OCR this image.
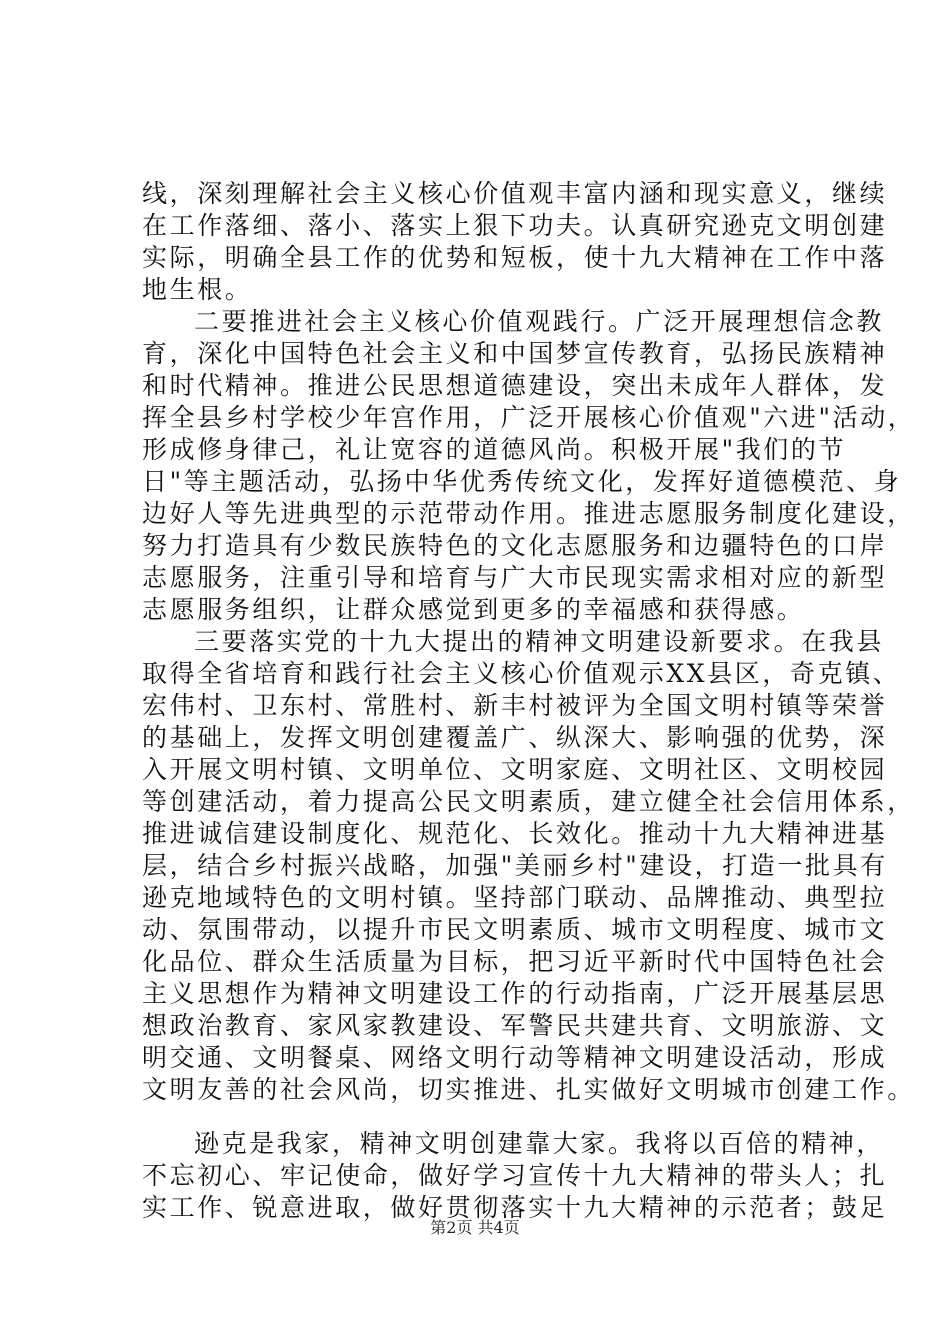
线，深刻理解社会主义核心价值观丰富内涵和现实意义，继续
在工作落细、落小、落实上狠下功夫。认真研究逊克文明创建
实际，明确全县工作的优势和短板，使十九大精神在工作中落
地生根。
二要推进社会主义核心价值观践行。广泛开展理想信念教
育，深化中国特色社会主义和中国梦宣传教育，弘扬民族精神
和时代精神。推进公民思想道德建设，突出未成年人群体，发
挥全县乡村学校少年宫作用，广泛开展核心价值观"六进"活动，
形成修身律己，礼让宽容的道德风尚。积极开展"我们的节
日"等主题活动，弘扬中华优秀传统文化，发挥好道德模范、身
边好人等先进典型的示范带动作用。推进志愿服务制度化建设，
努力打造具有少数民族特色的文化志愿服务和边疆特色的口岸
志愿服务，注重引导和培育与广大市民现实需求相对应的新型
志愿服务组织，让群众感觉到更多的幸福感和获得感。
三要落实党的十九大提出的精神文明建设新要求。在我县
取得全省培育和践行社会主义核心价值观示XX县区，奇克镇、
宏伟村、卫东村、常胜村、新丰村被评为全国文明村镇等荣誉
的基础上，发挥文明创建覆盖广、纵深大、影响强的优势，深
入开展文明村镇、文明单位、文明家庭、文明社区、文明校园
等创建活动，着力提高公民文明素质，建立健全社会信用体系，
推进诚信建设制度化、规范化、长效化。推动十九大精神进基
层，结合乡村振兴战略，加强"美丽乡村"建设，打造一批具有
逊克地域特色的文明村镇。坚持部门联动、品牌推动、典型拉
动、氛围带动，以提升市民文明素质、城市文明程度、城市文
化品位、群众生活质量为目标，把习近平新时代中国特色社会
主义思想作为精神文明建设工作的行动指南，广泛开展基层思
想政治教育、家风家教建设、军警民共建共育、文明旅游、文
明交通、文明餐桌、网络文明行动等精神文明建设活动，形成
文明友善的社会风尚，切实推进、扎实做好文明城市创建工作。
逊克是我家，精神文明创建靠大家。我将以百倍的精神，
不忘初心、牢记使命，做好学习宣传十九大精神的带头人；扎
实工作、锐意进取，做好贯彻落实十九大精神的示范者；鼓足
第2页 共4页
